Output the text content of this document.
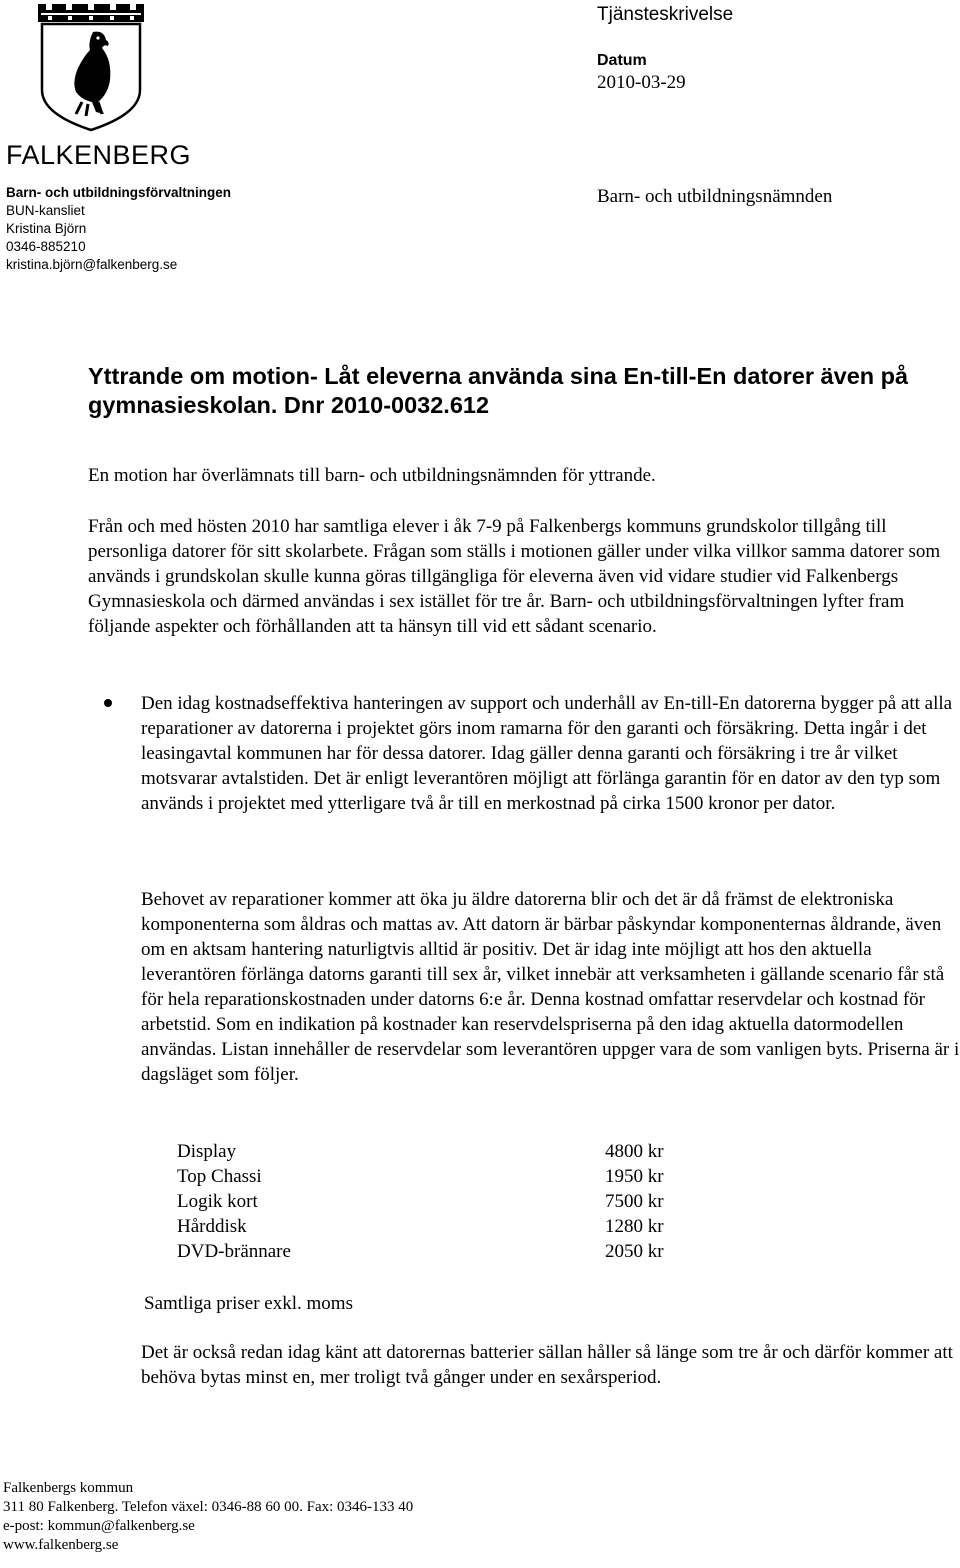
FALKENBERG
Barn- och utbildningsförvaltningen
BUN-kansliet
Kristina Björn
0346-885210
kristina.björn@falkenberg.se
Tjänsteskrivelse
Datum
2010-03-29
Barn- och utbildningsnämnden
Yttrande om motion- Låt eleverna använda sina En-till-En datorer även på gymnasieskolan. Dnr 2010-0032.612
En motion har överlämnats till barn- och utbildningsnämnden för yttrande.
Från och med hösten 2010 har samtliga elever i åk 7-9 på Falkenbergs kommuns grundskolor tillgång till personliga datorer för sitt skolarbete. Frågan som ställs i motionen gäller under vilka villkor samma datorer som används i grundskolan skulle kunna göras tillgängliga för eleverna även vid vidare studier vid Falkenbergs Gymnasieskola och därmed användas i sex istället för tre år. Barn- och utbildningsförvaltningen lyfter fram följande aspekter och förhållanden att ta hänsyn till vid ett sådant scenario.
Den idag kostnadseffektiva hanteringen av support och underhåll av En-till-En datorerna bygger på att alla reparationer av datorerna i projektet görs inom ramarna för den garanti och försäkring. Detta ingår i det leasingavtal kommunen har för dessa datorer. Idag gäller denna garanti och försäkring i tre år vilket motsvarar avtalstiden. Det är enligt leverantören möjligt att förlänga garantin för en dator av den typ som används i projektet med ytterligare två år till en merkostnad på cirka 1500 kronor per dator.
Behovet av reparationer kommer att öka ju äldre datorerna blir och det är då främst de elektroniska komponenterna som åldras och mattas av. Att datorn är bärbar påskyndar komponenternas åldrande, även om en aktsam hantering naturligtvis alltid är positiv. Det är idag inte möjligt att hos den aktuella leverantören förlänga datorns garanti till sex år, vilket innebär att verksamheten i gällande scenario får stå för hela reparationskostnaden under datorns 6:e år. Denna kostnad omfattar reservdelar och kostnad för arbetstid. Som en indikation på kostnader kan reservdelspriserna på den idag aktuella datormodellen användas. Listan innehåller de reservdelar som leverantören uppger vara de som vanligen byts. Priserna är i dagsläget som följer.
Display
Top Chassi
Logik kort
Hårddisk
DVD-brännare
4800 kr
1950 kr
7500 kr
1280 kr
2050 kr
Samtliga priser exkl. moms
Det är också redan idag känt att datorernas batterier sällan håller så länge som tre år och därför kommer att behöva bytas minst en, mer troligt två gånger under en sexårsperiod.
Falkenbergs kommun
311 80 Falkenberg. Telefon växel: 0346-88 60 00. Fax: 0346-133 40
e-post: kommun@falkenberg.se
www.falkenberg.se
